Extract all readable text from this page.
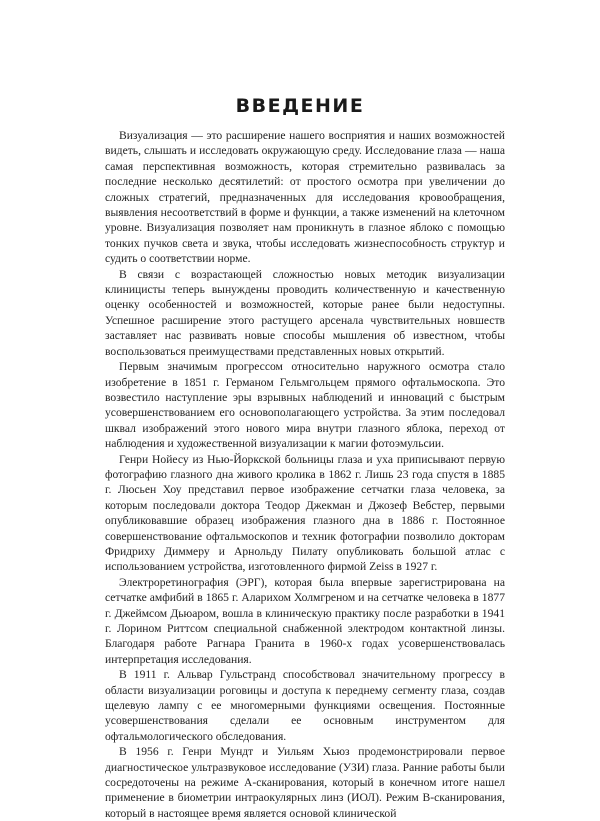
ВВЕДЕНИЕ

Визуализация — это расширение нашего восприятия и наших возможностей видеть, слышать и исследовать окружающую среду. Исследование глаза — наша самая перспективная возможность, которая стремительно развивалась за последние несколько десятилетий: от простого осмотра при увеличении до сложных стратегий, предназначенных для исследования кровообращения, выявления несоответствий в форме и функции, а также изменений на клеточном уровне. Визуализация позволяет нам проникнуть в глазное яблоко с помощью тонких пучков света и звука, чтобы исследовать жизнеспособность структур и судить о соответствии норме.

В связи с возрастающей сложностью новых методик визуализации клиницисты теперь вынуждены проводить количественную и качественную оценку особенностей и возможностей, которые ранее были недоступны. Успешное расширение этого растущего арсенала чувствительных новшеств заставляет нас развивать новые способы мышления об известном, чтобы воспользоваться преимуществами представленных новых открытий.

Первым значимым прогрессом относительно наружного осмотра стало изобретение в 1851 г. Германом Гельмгольцем прямого офтальмоскопа. Это возвестило наступление эры взрывных наблюдений и инноваций с быстрым усовершенствованием его основополагающего устройства. За этим последовал шквал изображений этого нового мира внутри глазного яблока, переход от наблюдения и художественной визуализации к магии фотоэмульсии.

Генри Нойесу из Нью-Йоркской больницы глаза и уха приписывают первую фотографию глазного дна живого кролика в 1862 г. Лишь 23 года спустя в 1885 г. Люсьен Хоу представил первое изображение сетчатки глаза человека, за которым последовали доктора Теодор Джекман и Джозеф Вебстер, первыми опубликовавшие образец изображения глазного дна в 1886 г. Постоянное совершенствование офтальмоскопов и техник фотографии позволило докторам Фридриху Диммеру и Арнольду Пилату опубликовать большой атлас с использованием устройства, изготовленного фирмой Zeiss в 1927 г.

Электроретинография (ЭРГ), которая была впервые зарегистрирована на сетчатке амфибий в 1865 г. Аларихом Холмгреном и на сетчатке человека в 1877 г. Джеймсом Дьюаром, вошла в клиническую практику после разработки в 1941 г. Лорином Риттсом специальной снабженной электродом контактной линзы. Благодаря работе Рагнара Гранита в 1960-х годах усовершенствовалась интерпретация исследования.

В 1911 г. Альвар Гульстранд способствовал значительному прогрессу в области визуализации роговицы и доступа к переднему сегменту глаза, создав щелевую лампу с ее многомерными функциями освещения. Постоянные усовершенствования сделали ее основным инструментом для офтальмологического обследования.

В 1956 г. Генри Мундт и Уильям Хьюз продемонстрировали первое диагностическое ультразвуковое исследование (УЗИ) глаза. Ранние работы были сосредоточены на режиме А-сканирования, который в конечном итоге нашел применение в биометрии интраокулярных линз (ИОЛ). Режим В-сканирования, который в настоящее время является основой клинической
